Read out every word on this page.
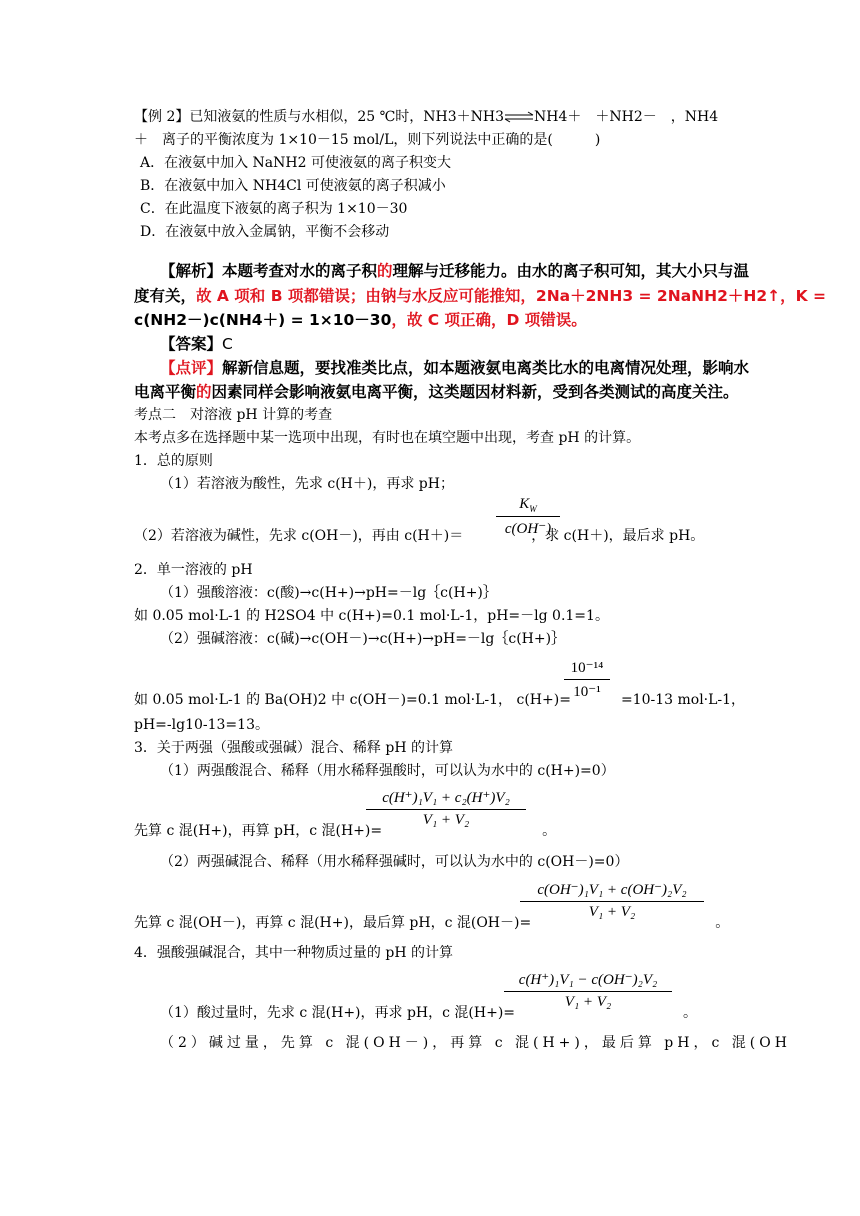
【例 2】已知液氨的性质与水相似，25 ℃时，NH3＋NH3⇌NH4＋　＋NH2－　，NH4
＋　离子的平衡浓度为 1×10－15 mol/L，则下列说法中正确的是(　　　)
A．在液氨中加入 NaNH2 可使液氨的离子积变大
B．在液氨中加入 NH4Cl 可使液氨的离子积减小
C．在此温度下液氨的离子积为 1×10－30
D．在液氨中放入金属钠，平衡不会移动
【解析】本题考查对水的离子积的理解与迁移能力。由水的离子积可知，其大小只与温
度有关，故 A 项和 B 项都错误；由钠与水反应可能推知，2Na＋2NH3 = 2NaNH2＋H2↑，K =
c(NH2－)c(NH4＋) = 1×10－30，故 C 项正确，D 项错误。
【答案】C
【点评】解新信息题，要找准类比点，如本题液氨电离类比水的电离情况处理，影响水
电离平衡的因素同样会影响液氨电离平衡，这类题因材料新，受到各类测试的高度关注。
考点二　对溶液 pH 计算的考查
本考点多在选择题中某一选项中出现，有时也在填空题中出现，考查 pH 的计算。
1．总的原则
（1）若溶液为酸性，先求 c(H＋)，再求 pH；
$K_W$
c(OH⁻)
（2）若溶液为碱性，先求 c(OH－)，再由 c(H＋)＝	，求 c(H＋)，最后求 pH。
2．单一溶液的 pH
（1）强酸溶液：c(酸)→c(H+)→pH=－lg｛c(H+)｝
如 0.05 mol·L-1 的 H2SO4 中 c(H+)=0.1 mol·L-1，pH=－lg 0.1=1。
（2）强碱溶液：c(碱)→c(OH－)→c(H+)→pH=－lg｛c(H+)｝
10⁻¹⁴
10⁻¹
如 0.05 mol·L-1 的 Ba(OH)2 中 c(OH－)=0.1 mol·L-1， c(H+)=	=10-13 mol·L-1，
pH=-lg10-13=13。
3．关于两强（强酸或强碱）混合、稀释 pH 的计算
（1）两强酸混合、稀释（用水稀释强酸时，可以认为水中的 c(H+)=0）
c(H⁺)₁V₁ + c₂(H⁺)V₂
V₁ + V₂
先算 c 混(H+)，再算 pH，c 混(H+)=	。
（2）两强碱混合、稀释（用水稀释强碱时，可以认为水中的 c(OH－)=0）
c(OH⁻)₁V₁ + c(OH⁻)₂V₂
V₁ + V₂
先算 c 混(OH－)，再算 c 混(H+)，最后算 pH，c 混(OH－)=	。
4．强酸强碱混合，其中一种物质过量的 pH 的计算
c(H⁺)₁V₁ − c(OH⁻)₂V₂
V₁ + V₂
（1）酸过量时，先求 c 混(H+)，再求 pH，c 混(H+)=	。
（2）碱过量，先算 c 混(OH－)，再算 c 混(H+)，最后算 pH，c 混(OH
